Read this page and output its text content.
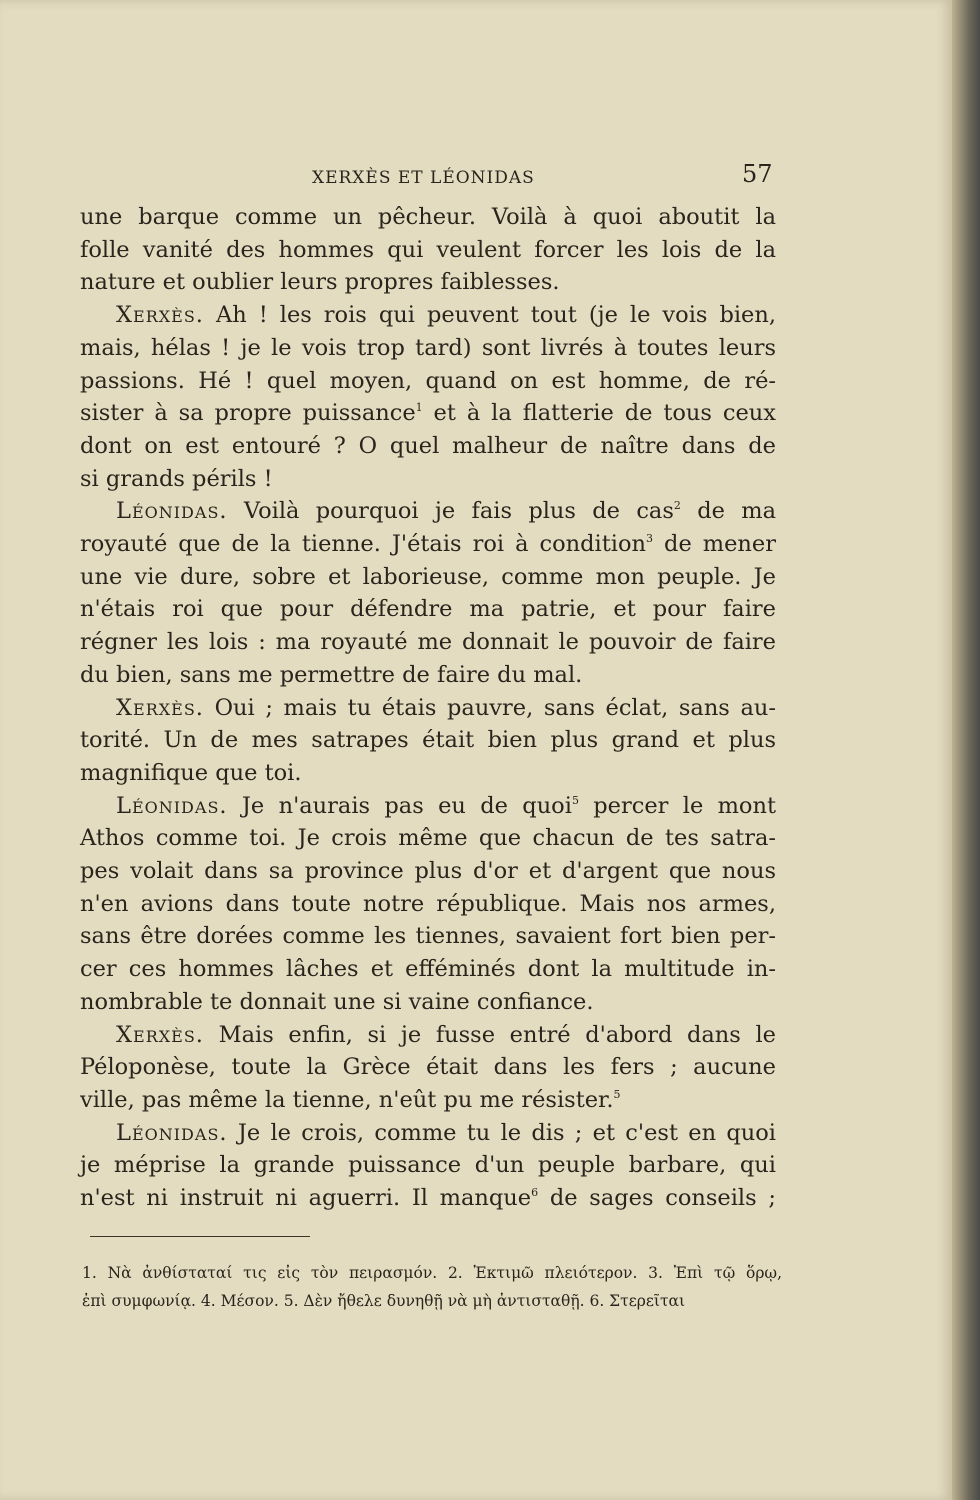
XERXÈS ET LÉONIDAS	57
une barque comme un pêcheur. Voilà à quoi aboutit la
folle vanité des hommes qui veulent forcer les lois de la
nature et oublier leurs propres faiblesses.
Xerxès. Ah ! les rois qui peuvent tout (je le vois bien,
mais, hélas ! je le vois trop tard) sont livrés à toutes leurs
passions. Hé ! quel moyen, quand on est homme, de ré-
sister à sa propre puissance$^1$ et à la flatterie de tous ceux
dont on est entouré ? O quel malheur de naître dans de
si grands périls !
Léonidas. Voilà pourquoi je fais plus de cas$^2$ de ma
royauté que de la tienne. J'étais roi à condition$^3$ de mener
une vie dure, sobre et laborieuse, comme mon peuple. Je
n'étais roi que pour défendre ma patrie, et pour faire
régner les lois : ma royauté me donnait le pouvoir de faire
du bien, sans me permettre de faire du mal.
Xerxès. Oui ; mais tu étais pauvre, sans éclat, sans au-
torité. Un de mes satrapes était bien plus grand et plus
magnifique que toi.
Léonidas. Je n'aurais pas eu de quoi$^5$ percer le mont
Athos comme toi. Je crois même que chacun de tes satra-
pes volait dans sa province plus d'or et d'argent que nous
n'en avions dans toute notre république. Mais nos armes,
sans être dorées comme les tiennes, savaient fort bien per-
cer ces hommes lâches et efféminés dont la multitude in-
nombrable te donnait une si vaine confiance.
Xerxès. Mais enfin, si je fusse entré d'abord dans le
Péloponèse, toute la Grèce était dans les fers ; aucune
ville, pas même la tienne, n'eût pu me résister.$^5$
Léonidas. Je le crois, comme tu le dis ; et c'est en quoi
je méprise la grande puissance d'un peuple barbare, qui
n'est ni instruit ni aguerri. Il manque$^6$ de sages conseils ;
1. Νὰ ἀνθίσταταί τις εἰς τὸν πειρασμόν. 2. Ἐκτιμῶ πλειότερον. 3. Ἐπὶ τῷ ὅρῳ,
ἐπὶ συμφωνίᾳ. 4. Μέσον. 5. Δὲν ἤθελε δυνηθῇ νὰ μὴ ἀντισταθῇ. 6. Στερεῖται
